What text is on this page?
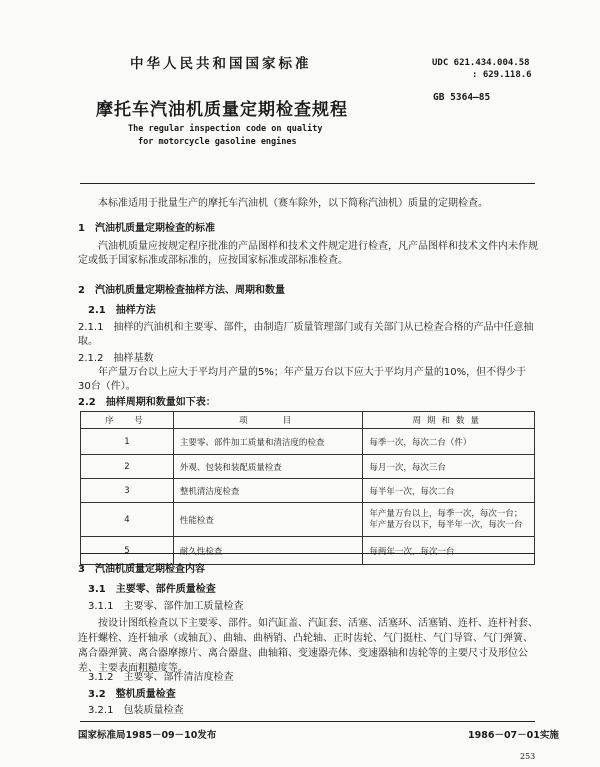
中华人民共和国国家标准	UDC 621.434.004.58
: 629.118.6
GB 5364—85
摩托车汽油机质量定期检查规程
The regular inspection code on quality
for motorcycle gasoline engines
本标准适用于批量生产的摩托车汽油机（赛车除外，以下简称汽油机）质量的定期检查。
1　汽油机质量定期检查的标准
汽油机质量应按规定程序批准的产品图样和技术文件规定进行检查，凡产品图样和技术文件内未作规定或低于国家标准或部标准的，应按国家标准或部标准检查。
2　汽油机质量定期检查抽样方法、周期和数量
2.1　抽样方法
2.1.1　抽样的汽油机和主要零、部件，由制造厂质量管理部门或有关部门从已检查合格的产品中任意抽取。
2.1.2　抽样基数
年产量万台以上应大于平均月产量的5%；年产量万台以下应大于平均月产量的10%，但不得少于30台（件）。
2.2　抽样周期和数量如下表：
序　号	项　　目	周期和数量
1	主要零、部件加工质量和清洁度的检查	每季一次，每次二台（件）
2	外观、包装和装配质量检查	每月一次，每次三台
3	整机清洁度检查	每半年一次，每次二台
4	性能检查	年产量万台以上，每季一次，每次一台；
年产量万台以下，每半年一次，每次一台

5	耐久性检查	每两年一次，每次一台
3　汽油机质量定期检查内容
3.1　主要零、部件质量检查
3.1.1　主要零、部件加工质量检查
按设计图纸检查以下主要零、部件。如汽缸盖、汽缸套、活塞、活塞环、活塞销、连杆、连杆衬套、连杆螺栓、连杆轴承（或轴瓦）、曲轴、曲柄销、凸轮轴、正时齿轮、气门挺柱、气门导管、气门弹簧、离合器弹簧、离合器摩擦片、离合器盘、曲轴箱、变速器壳体、变速器轴和齿轮等的主要尺寸及形位公差、主要表面粗糙度等。
3.1.2　主要零、部件清洁度检查
3.2　整机质量检查
3.2.1　包装质量检查
国家标准局1985－09－10发布	1986－07－01实施
253
